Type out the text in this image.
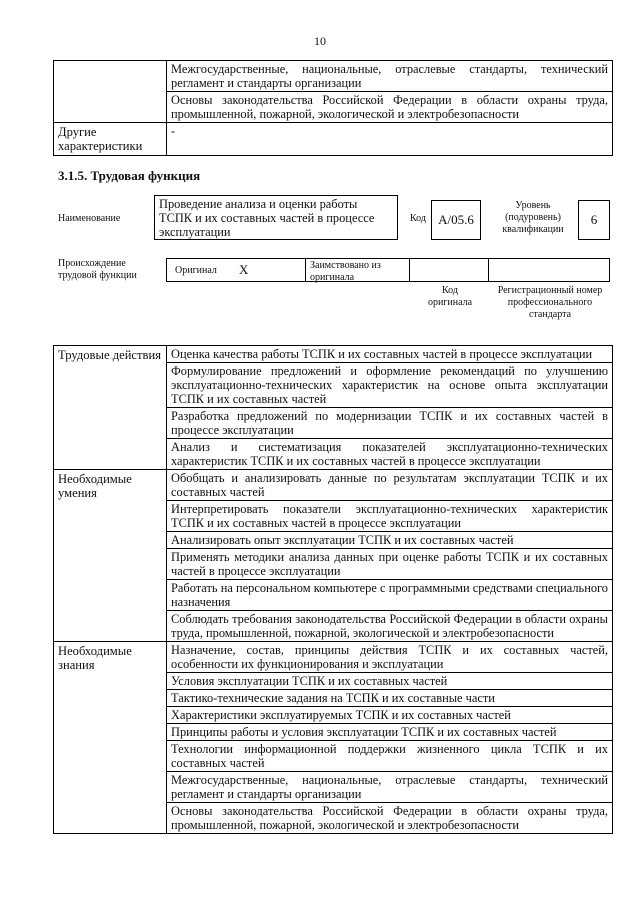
10
	Межгосударственные, национальные, отраслевые стандарты, технический регламент и стандарты организации
	Основы законодательства Российской Федерации в области охраны труда, промышленной, пожарной, экологической и электробезопасности
Другие характеристики	-
3.1.5. Трудовая функция
Наименование
Проведение анализа и оценки работы ТСПК и их составных частей в процессе эксплуатации
Код A/05.6
Уровень (подуровень) квалификации
6
Происхождение трудовой функции	Оригинал X	Заимствовано из оригинала
Код оригинала
Регистрационный номер профессионального стандарта
Трудовые действия	Оценка качества работы ТСПК и их составных частей в процессе эксплуатации
	Формулирование предложений и оформление рекомендаций по улучшению эксплуатационно-технических характеристик на основе опыта эксплуатации ТСПК и их составных частей
	Разработка предложений по модернизации ТСПК и их составных частей в процессе эксплуатации
	Анализ и систематизация показателей эксплуатационно-технических характеристик ТСПК и их составных частей в процессе эксплуатации
Необходимые умения	Обобщать и анализировать данные по результатам эксплуатации ТСПК и их составных частей
	Интерпретировать показатели эксплуатационно-технических характеристик ТСПК и их составных частей в процессе эксплуатации
	Анализировать опыт эксплуатации ТСПК и их составных частей
	Применять методики анализа данных при оценке работы ТСПК и их составных частей в процессе эксплуатации
	Работать на персональном компьютере с программными средствами специального назначения
	Соблюдать требования законодательства Российской Федерации в области охраны труда, промышленной, пожарной, экологической и электробезопасности
Необходимые знания	Назначение, состав, принципы действия ТСПК и их составных частей, особенности их функционирования и эксплуатации
	Условия эксплуатации ТСПК и их составных частей
	Тактико-технические задания на ТСПК и их составные части
	Характеристики эксплуатируемых ТСПК и их составных частей
	Принципы работы и условия эксплуатации ТСПК и их составных частей
	Технологии информационной поддержки жизненного цикла ТСПК и их составных частей
	Межгосударственные, национальные, отраслевые стандарты, технический регламент и стандарты организации
	Основы законодательства Российской Федерации в области охраны труда, промышленной, пожарной, экологической и электробезопасности
